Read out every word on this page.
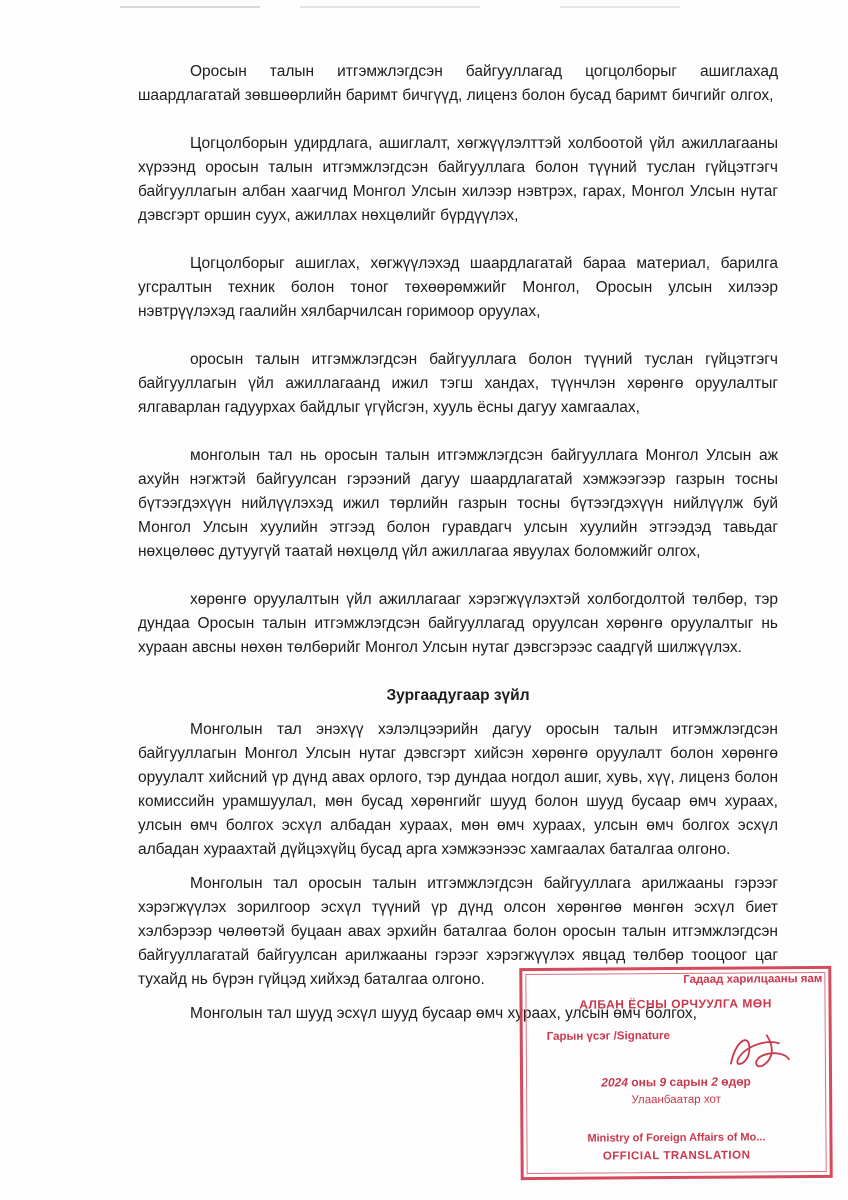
Оросын талын итгэмжлэгдсэн байгууллагад цогцолборыг ашиглахад шаардлагатай зөвшөөрлийн баримт бичгүүд, лиценз болон бусад баримт бичгийг олгох,

Цогцолборын удирдлага, ашиглалт, хөгжүүлэлттэй холбоотой үйл ажиллагааны хүрээнд оросын талын итгэмжлэгдсэн байгууллага болон түүний туслан гүйцэтгэгч байгууллагын албан хаагчид Монгол Улсын хилээр нэвтрэх, гарах, Монгол Улсын нутаг дэвсгэрт оршин суух, ажиллах нөхцөлийг бүрдүүлэх,

Цогцолборыг ашиглах, хөгжүүлэхэд шаардлагатай бараа материал, барилга угсралтын техник болон тоног төхөөрөмжийг Монгол, Оросын улсын хилээр нэвтрүүлэхэд гаалийн хялбарчилсан горимоор оруулах,

оросын талын итгэмжлэгдсэн байгууллага болон түүний туслан гүйцэтгэгч байгууллагын үйл ажиллагаанд ижил тэгш хандах, түүнчлэн хөрөнгө оруулалтыг ялгаварлан гадуурхах байдлыг үгүйсгэн, хууль ёсны дагуу хамгаалах,

монголын тал нь оросын талын итгэмжлэгдсэн байгууллага Монгол Улсын аж ахуйн нэгжтэй байгуулсан гэрээний дагуу шаардлагатай хэмжээгээр газрын тосны бүтээгдэхүүн нийлүүлэхэд ижил төрлийн газрын тосны бүтээгдэхүүн нийлүүлж буй Монгол Улсын хуулийн этгээд болон гуравдагч улсын хуулийн этгээдэд тавьдаг нөхцөлөөс дутуугүй таатай нөхцөлд үйл ажиллагаа явуулах боломжийг олгох,

хөрөнгө оруулалтын үйл ажиллагааг хэрэгжүүлэхтэй холбогдолтой төлбөр, тэр дундаа Оросын талын итгэмжлэгдсэн байгууллагад оруулсан хөрөнгө оруулалтыг нь хураан авсны нөхөн төлбөрийг Монгол Улсын нутаг дэвсгэрээс саадгүй шилжүүлэх.

Зургаадугаар зүйл

Монголын тал энэхүү хэлэлцээрийн дагуу оросын талын итгэмжлэгдсэн байгууллагын Монгол Улсын нутаг дэвсгэрт хийсэн хөрөнгө оруулалт болон хөрөнгө оруулалт хийсний үр дүнд авах орлого, тэр дундаа ногдол ашиг, хувь, хүү, лиценз болон комиссийн урамшуулал, мөн бусад хөрөнгийг шууд болон шууд бусаар өмч хураах, улсын өмч болгох эсхүл албадан хураах, мөн өмч хураах, улсын өмч болгох эсхүл албадан хураахтай дүйцэхүйц бусад арга хэмжээнээс хамгаалах баталгаа олгоно.

Монголын тал оросын талын итгэмжлэгдсэн байгууллага арилжааны гэрээг хэрэгжүүлэх зорилгоор эсхүл түүний үр дүнд олсон хөрөнгөө мөнгөн эсхүл биет хэлбэрээр чөлөөтэй буцаан авах эрхийн баталгаа болон оросын талын итгэмжлэгдсэн байгууллагатай байгуулсан арилжааны гэрээг хэрэгжүүлэх явцад төлбөр тооцоог цаг тухайд нь бүрэн гүйцэд хийхэд баталгаа олгоно.

Монголын тал шууд эсхүл шууд бусаар өмч хураах, улсын өмч болгох,

Гадаад харилцааны яам
АЛБАН ЁСНЫ ОРЧУУЛГА МӨН
Гарын үсэг /Signature
2024 оны 9 сарын 2 өдөр
Улаанбаатар хот
Ministry of Foreign Affairs of Mo...
OFFICIAL TRANSLATION
